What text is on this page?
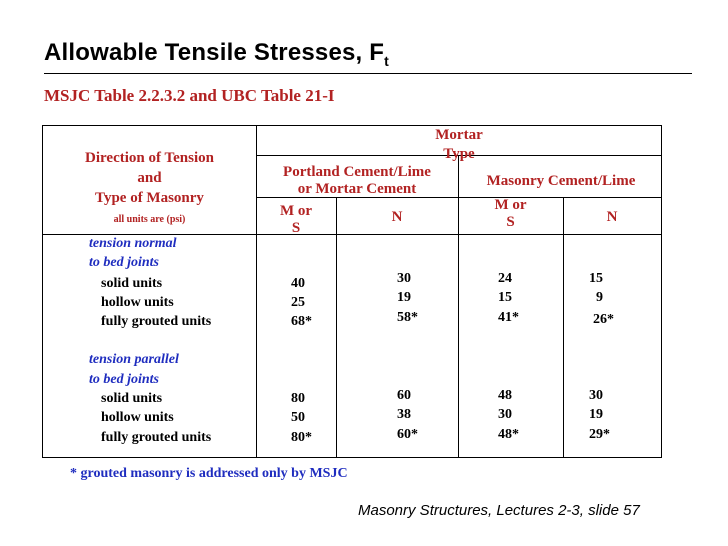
Allowable Tensile Stresses, $F_t$
MSJC Table 2.2.3.2 and UBC Table 21-I
Direction of Tension
and
Type of Masonry
all units are (psi)
Mortar
Type
Portland Cement/Lime
or Mortar Cement	Masonry Cement/Lime
M or
S
N
M or
S	N
tension normal
to bed joints
solid units	40	30	24	15
hollow units	25	19	15	9
fully grouted units	68*	58*	41*	26*
tension parallel
to bed joints
solid units	80	60	48	30
hollow units	50	38	30	19
fully grouted units	80*	60*	48*	29*
* grouted masonry is addressed only by MSJC
Masonry Structures, Lectures 2-3, slide 57
